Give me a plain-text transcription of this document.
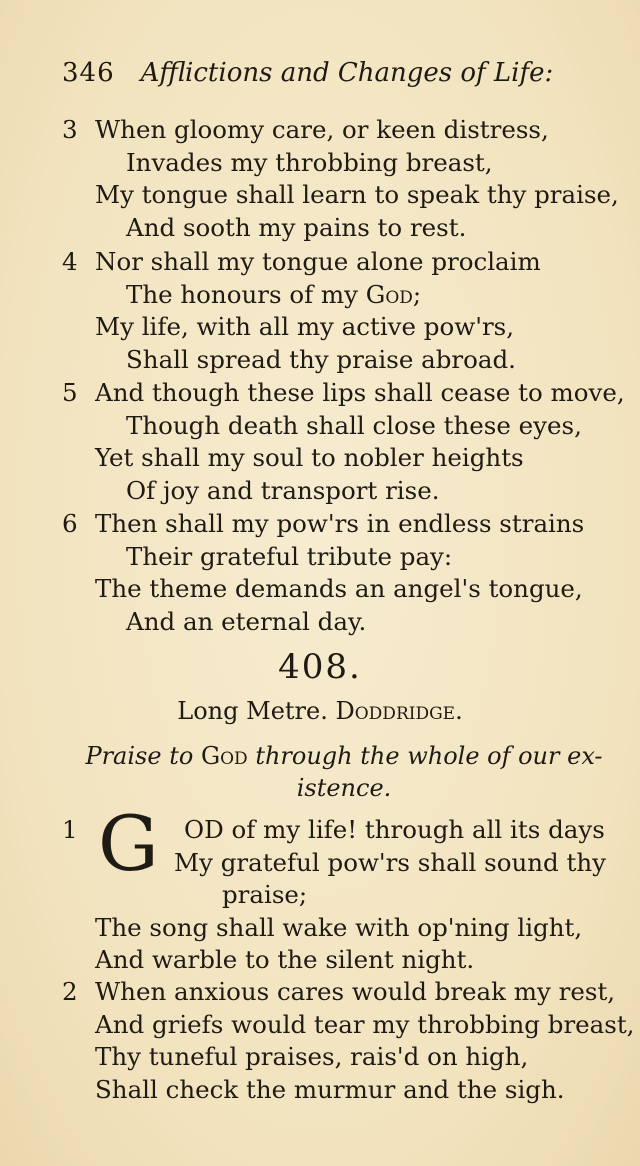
346 Afflictions and Changes of Life:
3 When gloomy care, or keen distress,
Invades my throbbing breast,
My tongue shall learn to speak thy praise,
And sooth my pains to rest.
4 Nor shall my tongue alone proclaim
The honours of my God;
My life, with all my active pow'rs,
Shall spread thy praise abroad.
5 And though these lips shall cease to move,
Though death shall close these eyes,
Yet shall my soul to nobler heights
Of joy and transport rise.
6 Then shall my pow'rs in endless strains
Their grateful tribute pay:
The theme demands an angel's tongue,
And an eternal day.
408.
Long Metre. Doddridge.
Praise to God through the whole of our ex-
istence.
G
1	OD of my life! through all its days
My grateful pow'rs shall sound thy
praise;
The song shall wake with op'ning light,
And warble to the silent night.
2 When anxious cares would break my rest,
And griefs would tear my throbbing breast,
Thy tuneful praises, rais'd on high,
Shall check the murmur and the sigh.
